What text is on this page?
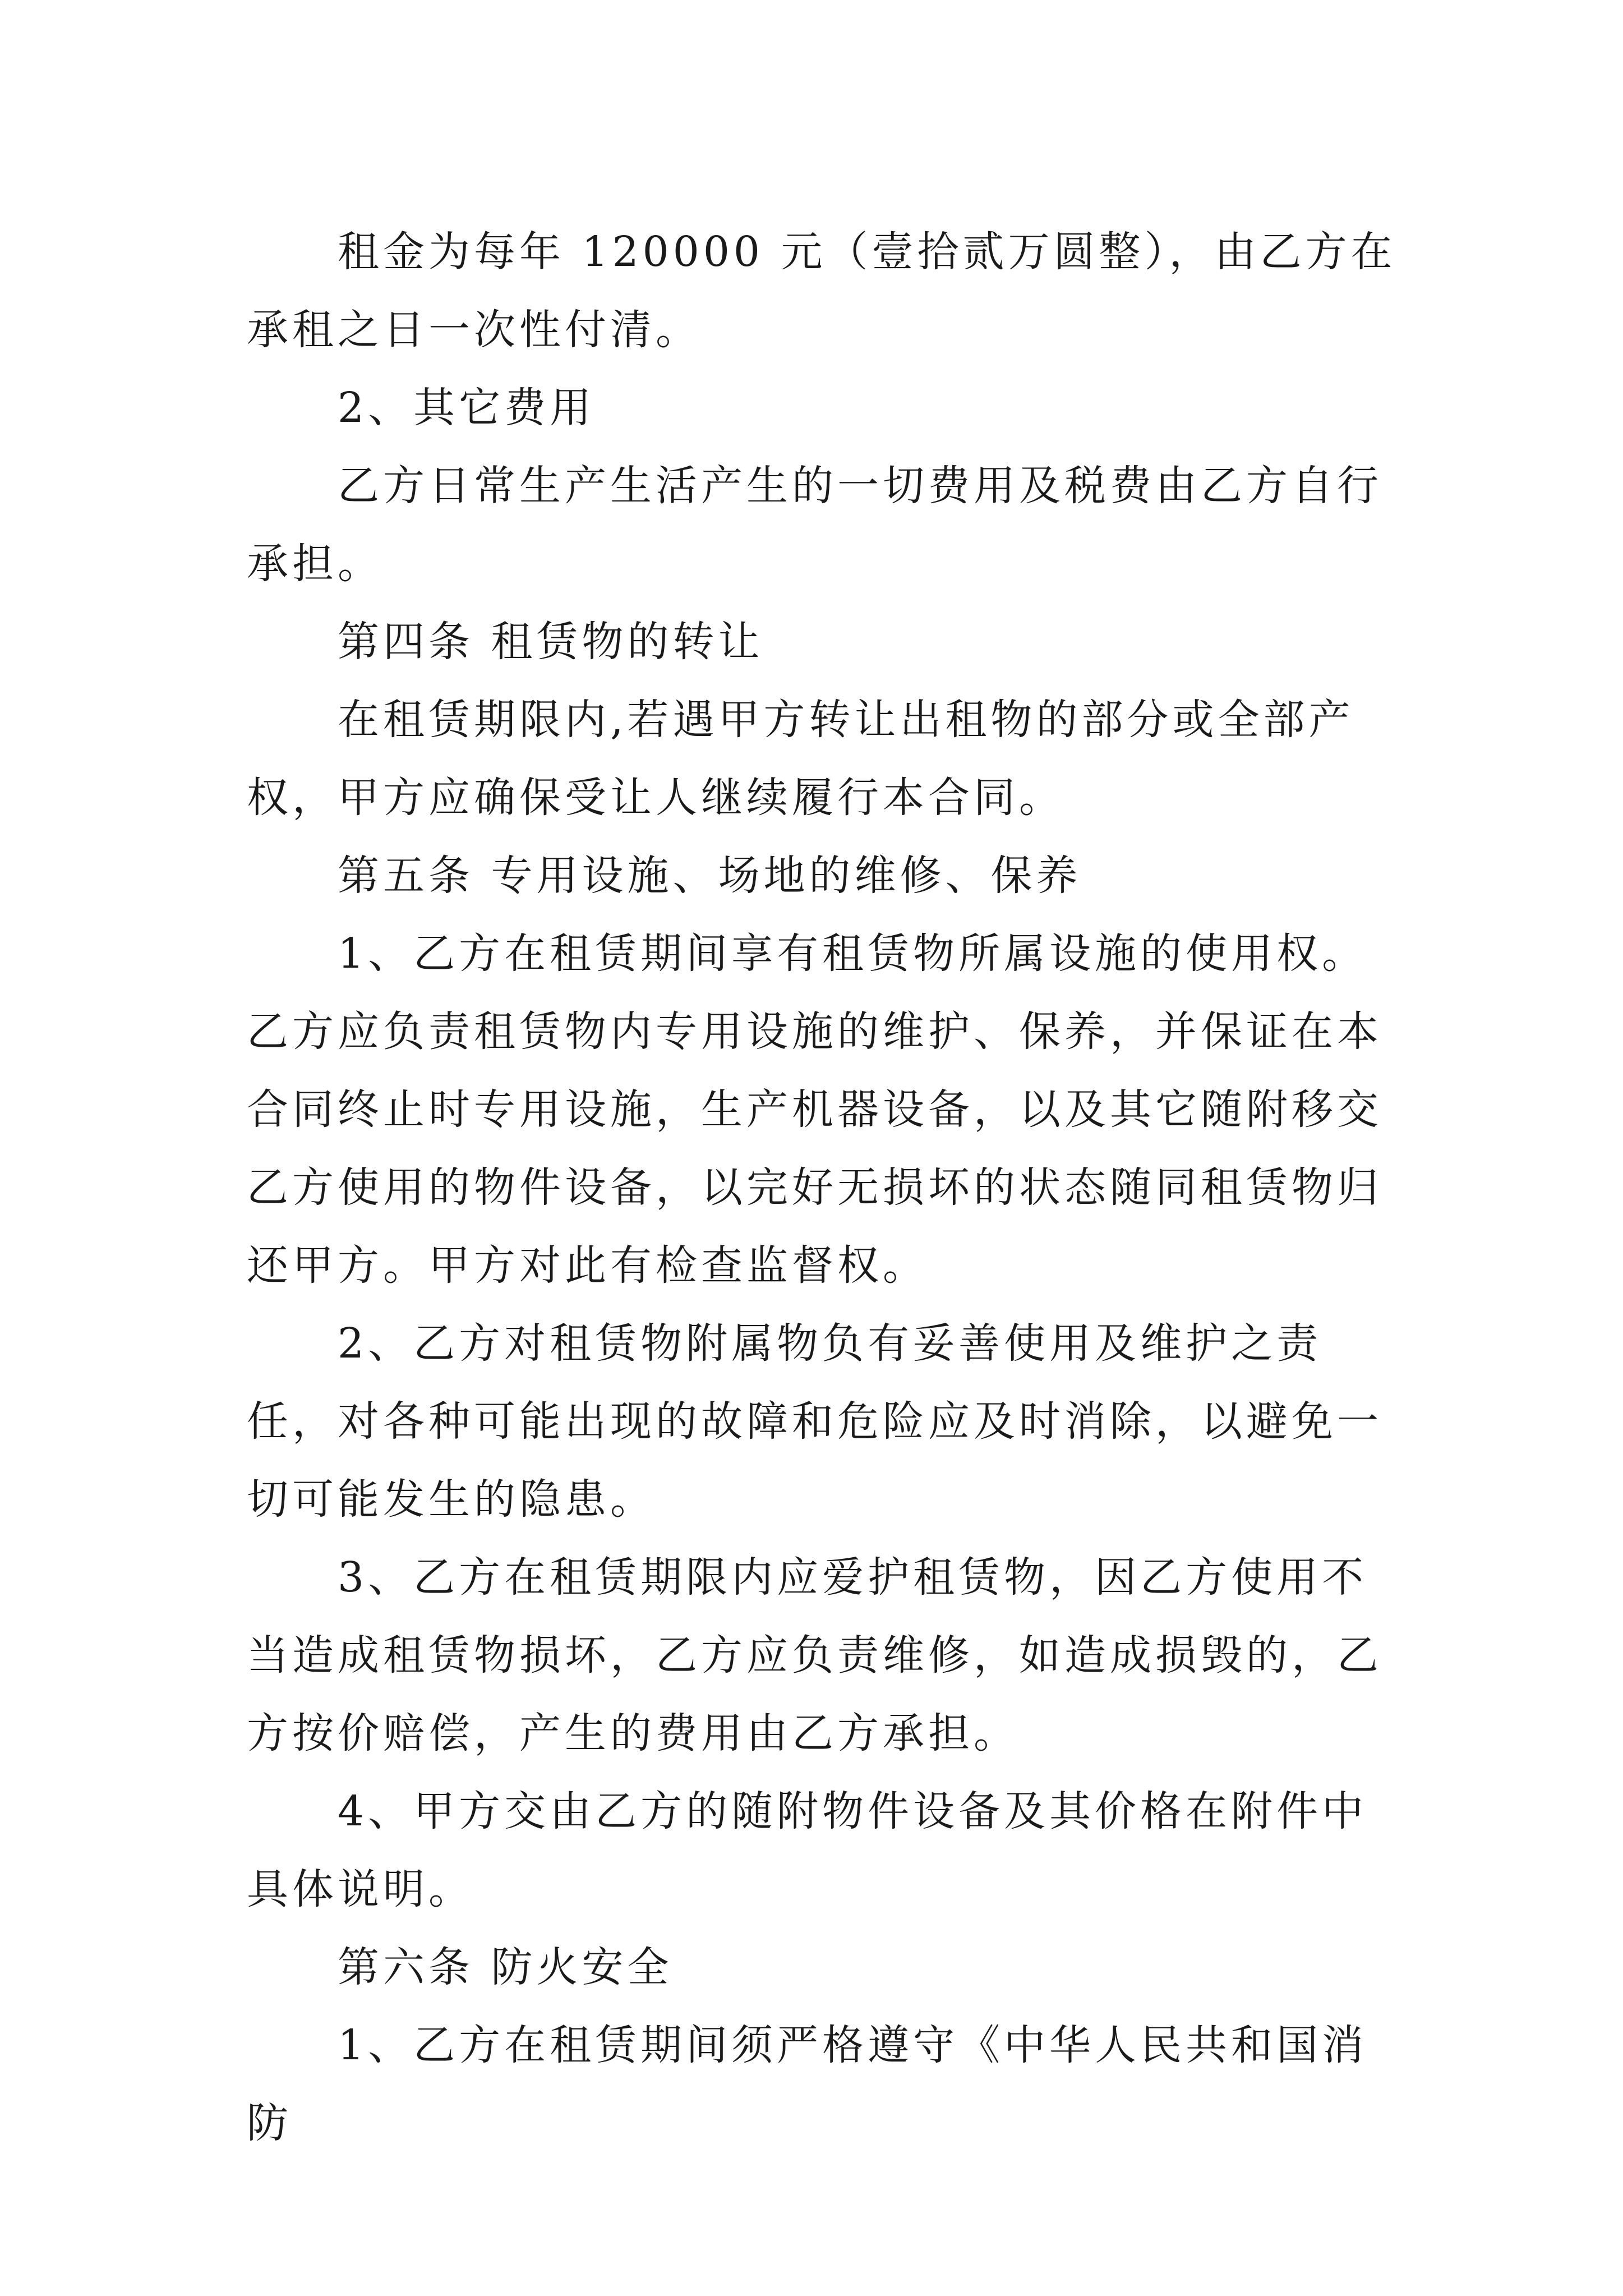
租金为每年 120000 元（壹拾贰万圆整），由乙方在承租之日一次性付清。

2、其它费用

乙方日常生产生活产生的一切费用及税费由乙方自行承担。

第四条 租赁物的转让

在租赁期限内,若遇甲方转让出租物的部分或全部产权，甲方应确保受让人继续履行本合同。

第五条 专用设施、场地的维修、保养

1、乙方在租赁期间享有租赁物所属设施的使用权。乙方应负责租赁物内专用设施的维护、保养，并保证在本合同终止时专用设施，生产机器设备，以及其它随附移交乙方使用的物件设备，以完好无损坏的状态随同租赁物归还甲方。甲方对此有检查监督权。

2、乙方对租赁物附属物负有妥善使用及维护之责任，对各种可能出现的故障和危险应及时消除，以避免一切可能发生的隐患。

3、乙方在租赁期限内应爱护租赁物，因乙方使用不当造成租赁物损坏，乙方应负责维修，如造成损毁的，乙方按价赔偿，产生的费用由乙方承担。

4、甲方交由乙方的随附物件设备及其价格在附件中具体说明。

第六条 防火安全

1、乙方在租赁期间须严格遵守《中华人民共和国消防
